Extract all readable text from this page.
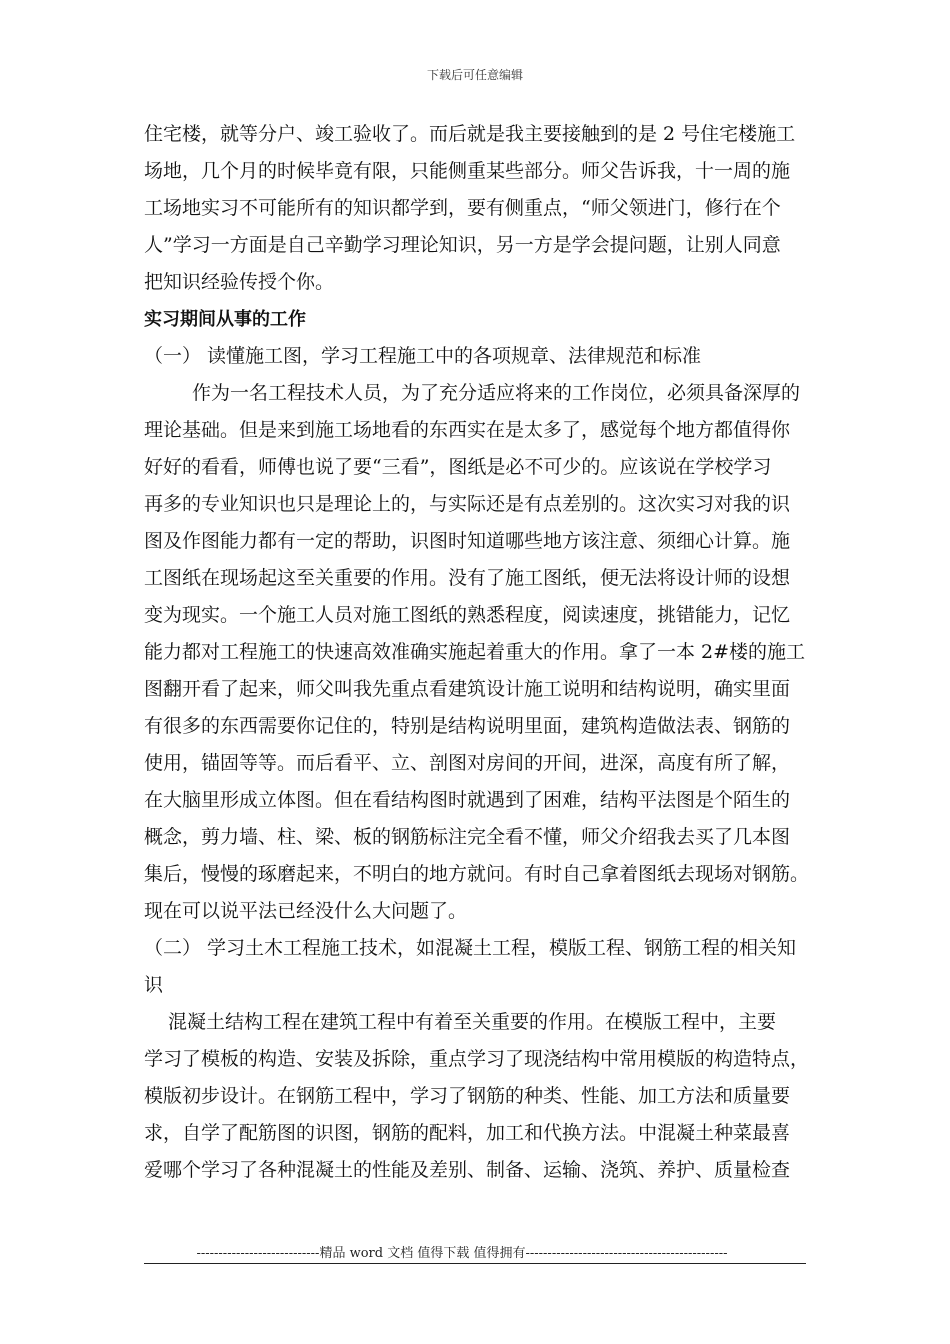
下载后可任意编辑
住宅楼，就等分户、竣工验收了。而后就是我主要接触到的是 2 号住宅楼施工
场地，几个月的时候毕竟有限，只能侧重某些部分。师父告诉我，十一周的施
工场地实习不可能所有的知识都学到，要有侧重点，“师父领进门，修行在个
人”学习一方面是自己辛勤学习理论知识，另一方是学会提问题，让别人同意
把知识经验传授个你。
实习期间从事的工作
（一） 读懂施工图，学习工程施工中的各项规章、法律规范和标准
作为一名工程技术人员，为了充分适应将来的工作岗位，必须具备深厚的
理论基础。但是来到施工场地看的东西实在是太多了，感觉每个地方都值得你
好好的看看，师傅也说了要“三看”，图纸是必不可少的。应该说在学校学习
再多的专业知识也只是理论上的，与实际还是有点差别的。这次实习对我的识
图及作图能力都有一定的帮助，识图时知道哪些地方该注意、须细心计算。施
工图纸在现场起这至关重要的作用。没有了施工图纸，便无法将设计师的设想
变为现实。一个施工人员对施工图纸的熟悉程度，阅读速度，挑错能力，记忆
能力都对工程施工的快速高效准确实施起着重大的作用。拿了一本 2#楼的施工
图翻开看了起来，师父叫我先重点看建筑设计施工说明和结构说明，确实里面
有很多的东西需要你记住的，特别是结构说明里面，建筑构造做法表、钢筋的
使用，锚固等等。而后看平、立、剖图对房间的开间，进深，高度有所了解，
在大脑里形成立体图。但在看结构图时就遇到了困难，结构平法图是个陌生的
概念，剪力墙、柱、梁、板的钢筋标注完全看不懂，师父介绍我去买了几本图
集后，慢慢的琢磨起来，不明白的地方就问。有时自己拿着图纸去现场对钢筋。
现在可以说平法已经没什么大问题了。
（二） 学习土木工程施工技术，如混凝土工程，模版工程、钢筋工程的相关知
识
混凝土结构工程在建筑工程中有着至关重要的作用。在模版工程中，主要
学习了模板的构造、安装及拆除，重点学习了现浇结构中常用模版的构造特点，
模版初步设计。在钢筋工程中，学习了钢筋的种类、性能、加工方法和质量要
求，自学了配筋图的识图，钢筋的配料，加工和代换方法。中混凝土种菜最喜
爱哪个学习了各种混凝土的性能及差别、制备、运输、浇筑、养护、质量检查
----------------------------精品 word 文档 值得下载 值得拥有----------------------------------------------
